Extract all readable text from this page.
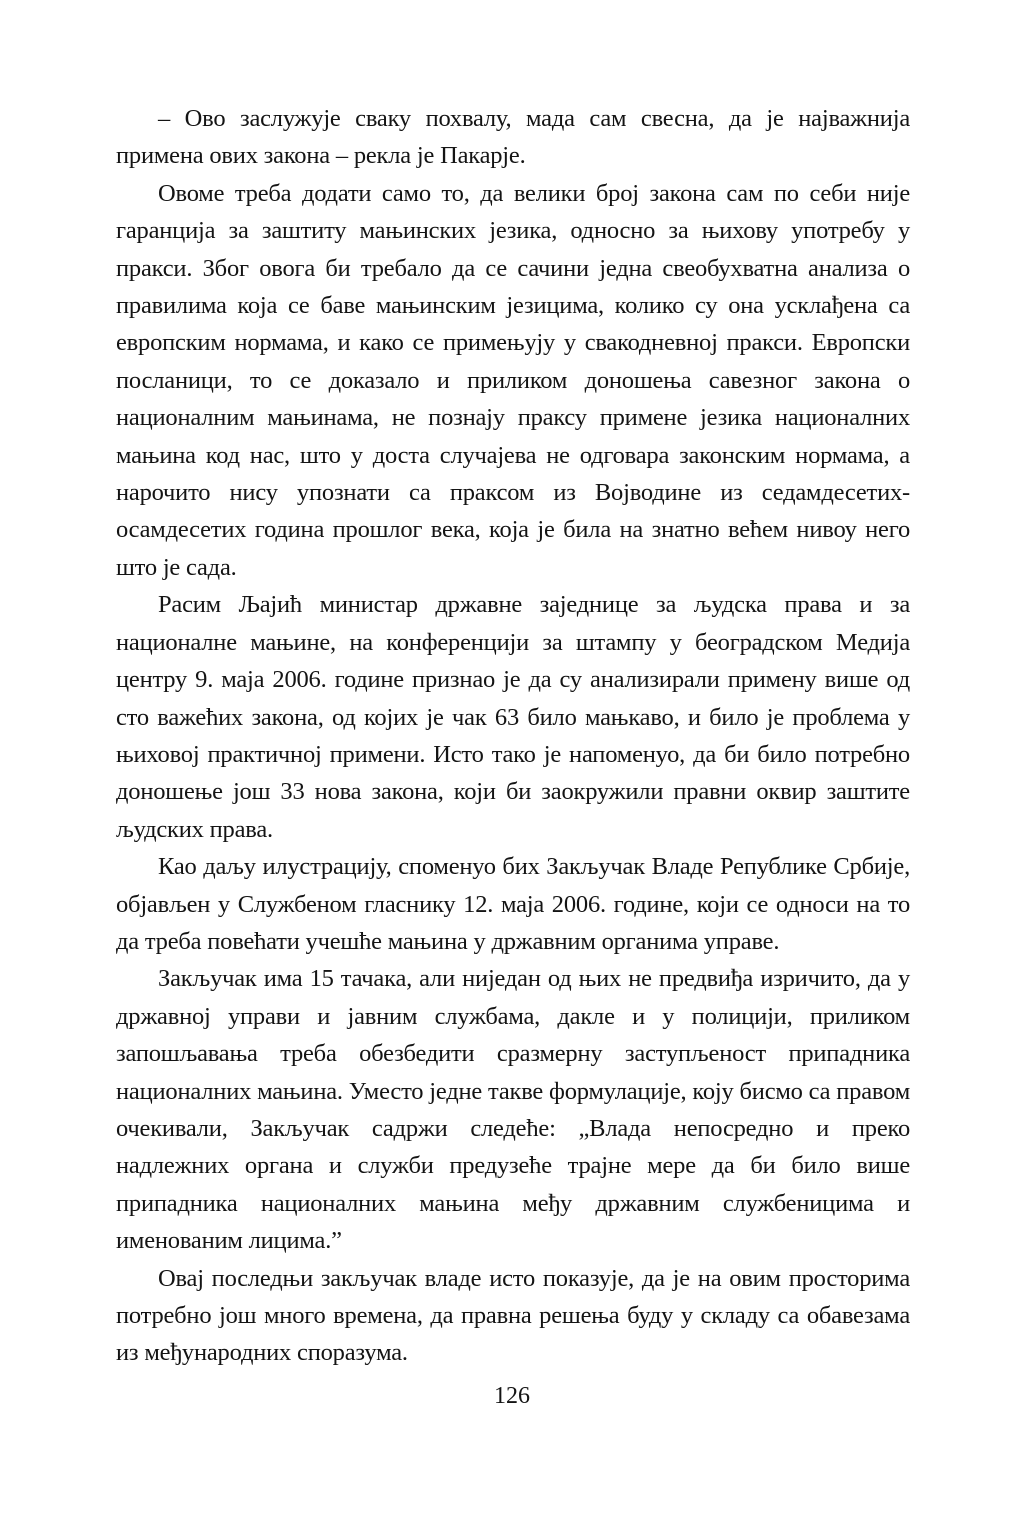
– Ово заслужује сваку похвалу, мада сам свесна, да је најважнија примена ових закона – рекла је Пакарје.

Овоме треба додати само то, да велики број закона сам по себи није гаранција за заштиту мањинских језика, односно за њихову употребу у пракси. Због овога би требало да се сачини једна свеобухватна анализа о правилима која се баве мањинским језицима, колико су она усклађена са европским нормама, и како се примењују у свакодневној пракси. Европски посланици, то се доказало и приликом доношења савезног закона о националним мањинама, не познају праксу примене језика националних мањина код нас, што у доста случајева не одговара законским нормама, а нарочито нису упознати са праксом из Војводине из седамдесетих-осамдесетих година прошлог века, која је била на знатно већем нивоу него што је сада.

Расим Љајић министар државне заједнице за људска права и за националне мањине, на конференцији за штампу у београдском Медија центру 9. маја 2006. године признао је да су анализирали примену више од сто важећих закона, од којих је чак 63 било мањкаво, и било је проблема у њиховој практичној примени. Исто тако је напоменуо, да би било потребно доношење још 33 нова закона, који би заокружили правни оквир заштите људских права.

Као даљу илустрацију, споменуо бих Закључак Владе Републике Србије, објављен у Службеном гласнику 12. маја 2006. године, који се односи на то да треба повећати учешће мањина у државним органима управе.

Закључак има 15 тачака, али ниједан од њих не предвиђа изричито, да у државној управи и јавним службама, дакле и у полицији, приликом запошљавања треба обезбедити сразмерну заступљеност припадника националних мањина. Уместо једне такве формулације, коју бисмо са правом очекивали, Закључак садржи следеће: „Влада непосредно и преко надлежних органа и служби предузеће трајне мере да би било више припадника националних мањина међу државним службеницима и именованим лицима.”

Овај последњи закључак владе исто показује, да је на овим просторима потребно још много времена, да правна решења буду у складу са обавезама из међународних споразума.

126
